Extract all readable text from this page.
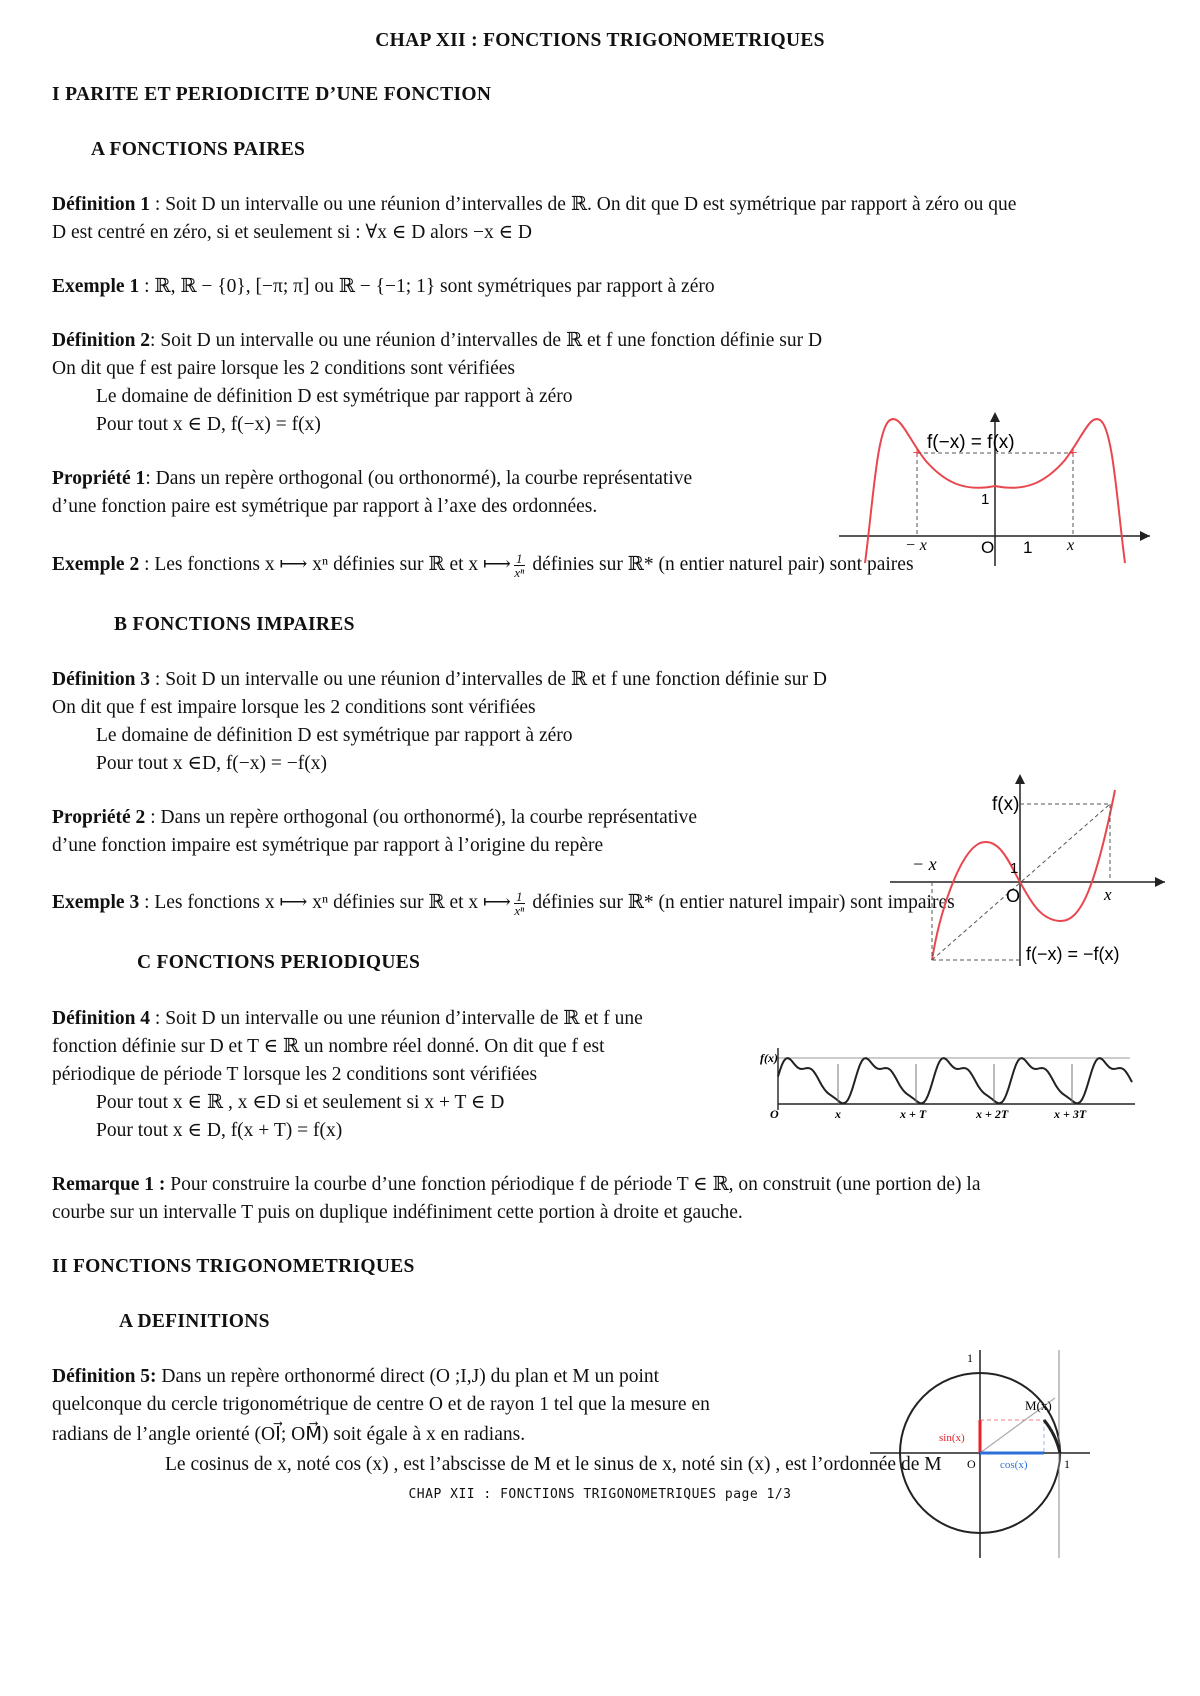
CHAP XII : FONCTIONS TRIGONOMETRIQUES
I PARITE ET PERIODICITE D’UNE FONCTION
A FONCTIONS PAIRES
Définition 1 : Soit D un intervalle ou une réunion d’intervalles de ℝ. On dit que D est symétrique par rapport à zéro ou que
D est centré en zéro, si et seulement si : ∀x ∈ D alors −x ∈ D
Exemple 1 : ℝ, ℝ − {0}, [−π; π] ou ℝ − {−1; 1} sont symétriques par rapport à zéro
Définition 2: Soit D un intervalle ou une réunion d’intervalles de ℝ et f une fonction définie sur D
On dit que f est paire lorsque les 2 conditions sont vérifiées
Le domaine de définition D est symétrique par rapport à zéro
Pour tout x ∈ D, f(−x) = f(x)
Propriété 1: Dans un repère orthogonal (ou orthonormé), la courbe représentative
d’une fonction paire est symétrique par rapport à l’axe des ordonnées.
Exemple 2 : Les fonctions x ⟼ xⁿ définies sur ℝ et x ⟼ $\frac{1}{\text{xⁿ}}$ définies sur ℝ* (n entier naturel pair) sont paires
B FONCTIONS IMPAIRES
Définition 3 : Soit D un intervalle ou une réunion d’intervalles de ℝ et f une fonction définie sur D
On dit que f est impaire lorsque les 2 conditions sont vérifiées
Le domaine de définition D est symétrique par rapport à zéro
Pour tout x ∈D, f(−x) = −f(x)
Propriété 2 : Dans un repère orthogonal (ou orthonormé), la courbe représentative
d’une fonction impaire est symétrique par rapport à l’origine du repère
Exemple 3 : Les fonctions x ⟼ xⁿ définies sur ℝ et x ⟼ $\frac{1}{\text{xⁿ}}$ définies sur ℝ* (n entier naturel impair) sont impaires
C FONCTIONS PERIODIQUES
Définition 4 : Soit D un intervalle ou une réunion d’intervalle de ℝ et f une
fonction définie sur D et T ∈ ℝ un nombre réel donné. On dit que f est
périodique de période T lorsque les 2 conditions sont vérifiées
Pour tout x ∈ ℝ , x ∈D si et seulement si x + T ∈ D
Pour tout x ∈ D, f(x + T) = f(x)
Remarque 1 : Pour construire la courbe d’une fonction périodique f de période T ∈ ℝ, on construit (une portion de) la
courbe sur un intervalle T puis on duplique indéfiniment cette portion à droite et gauche.
II FONCTIONS TRIGONOMETRIQUES
A DEFINITIONS
Définition 5: Dans un repère orthonormé direct (O ;I,J) du plan et M un point
quelconque du cercle trigonométrique de centre O et de rayon 1 tel que la mesure en
radians de l’angle orienté (OI⃗; OM⃗) soit égale à x en radians.
Le cosinus de x, noté cos (x) , est l’abscisse de M et le sinus de x, noté sin (x) , est l’ordonnée de M
CHAP XII : FONCTIONS TRIGONOMETRIQUES page 1/3
+	+
f(−x) = f(x)
1
− x	O 1 x
f(x)
− x	1
O	x
f(−x) = −f(x)
f(x)
O	x	x + T	x + 2T	x + 3T
1
M(x)
sin(x)
O cos(x)	1
